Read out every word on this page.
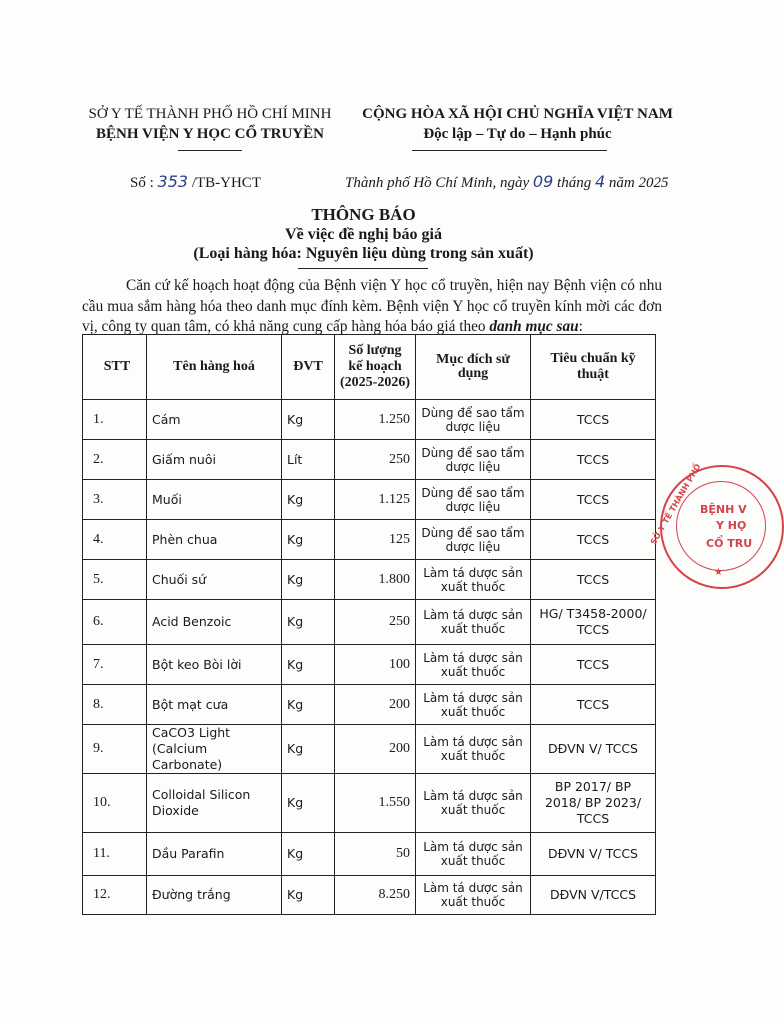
SỞ Y TẾ THÀNH PHỐ HỒ CHÍ MINH
BỆNH VIỆN Y HỌC CỔ TRUYỀN
CỘNG HÒA XÃ HỘI CHỦ NGHĨA VIỆT NAM
Độc lập – Tự do – Hạnh phúc
Số : 353 /TB-YHCT	Thành phố Hồ Chí Minh, ngày 09 tháng 4 năm 2025
THÔNG BÁO
Về việc đề nghị báo giá
(Loại hàng hóa: Nguyên liệu dùng trong sản xuất)

Căn cứ kế hoạch hoạt động của Bệnh viện Y học cổ truyền, hiện nay Bệnh viện có nhu cầu mua sắm hàng hóa theo danh mục đính kèm. Bệnh viện Y học cổ truyền kính mời các đơn vị, công ty quan tâm, có khả năng cung cấp hàng hóa báo giá theo danh mục sau:

STT	Tên hàng hoá	ĐVT	Số lượng kế hoạch (2025-2026)	Mục đích sử dụng	Tiêu chuẩn kỹ thuật
1.	Cám	Kg	1.250	Dùng để sao tẩm dược liệu	TCCS
2.	Giấm nuôi	Lít	250	Dùng để sao tẩm dược liệu	TCCS
3.	Muối	Kg	1.125	Dùng để sao tẩm dược liệu	TCCS
4.	Phèn chua	Kg	125	Dùng để sao tẩm dược liệu	TCCS
5.	Chuối sứ	Kg	1.800	Làm tá dược sản xuất thuốc	TCCS
6.	Acid Benzoic	Kg	250	Làm tá dược sản xuất thuốc	HG/ T3458-2000/ TCCS
7.	Bột keo Bòi lời	Kg	100	Làm tá dược sản xuất thuốc	TCCS
8.	Bột mạt cưa	Kg	200	Làm tá dược sản xuất thuốc	TCCS
9.	CaCO3 Light (Calcium Carbonate)	Kg	200	Làm tá dược sản xuất thuốc	DĐVN V/ TCCS
10.	Colloidal Silicon Dioxide	Kg	1.550	Làm tá dược sản xuất thuốc	BP 2017/ BP 2018/ BP 2023/ TCCS
11.	Dầu Parafin	Kg	50	Làm tá dược sản xuất thuốc	DĐVN V/ TCCS
12.	Đường trắng	Kg	8.250	Làm tá dược sản xuất thuốc	DĐVN V/TCCS
SỞ Y TẾ THÀNH PHỐ
BỆNH V
Y HỌ
CỔ TRU
★
